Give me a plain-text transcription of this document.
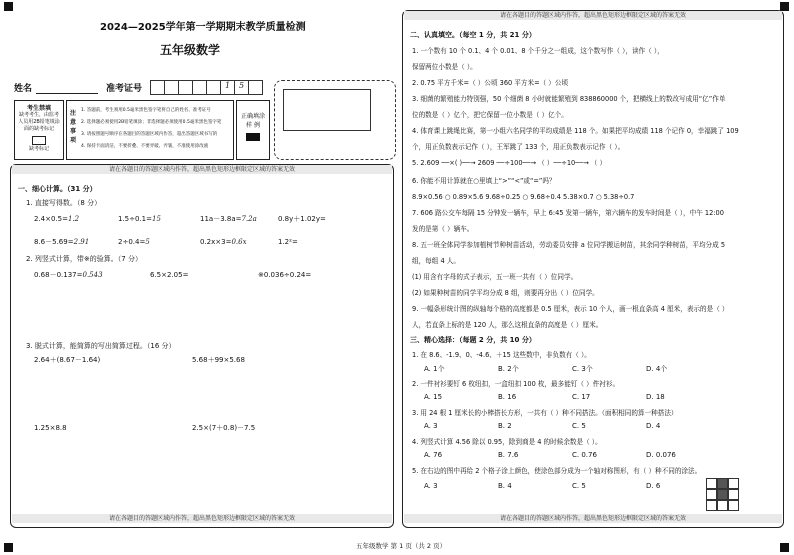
2024—2025学年第一学期期末教学质量检测
五年级数学
姓名	准考证号	1	5
考生禁填
缺考考生，由监考
人员用2B铅笔填涂
面的缺考标记
缺考标记
注意事项
1. 答题前，考生须用0.5毫米黑色签字笔将自己的姓名、准考证号
2. 选择题必须使用2B铅笔填涂；非选择题必须使用0.5毫米黑色签字笔
3. 请按照题号顺序在各题目的答题区域内作答，超出答题区域书写的
4. 保持卡面清洁，不要折叠、不要弄破、弄皱，不准使用涂改液
正确填涂
样 例
请在各题目的答题区域内作答，超出黑色矩形边框限定区域的答案无效
请在各题目的答题区域内作答，超出黑色矩形边框限定区域的答案无效
一、细心计算。（31 分）
1. 直接写得数。（8 分）
2.4×0.5=1.2	1.5÷0.1=15	11a－3.8a=7.2a	0.8y＋1.02y=
8.6－5.69=2.91	2÷0.4=5	0.2x×3=0.6x	1.2²=
2. 列竖式计算，带※的验算。（7 分）
0.68－0.137=0.543	6.5×2.05=	※0.036÷0.24=
3. 脱式计算，能简算的写出简算过程。（16 分）
2.64＋(8.67－1.64)	5.68＋99×5.68
1.25×8.8	2.5×(7＋0.8)－7.5
请在各题目的答题区域内作答，超出黑色矩形边框限定区域的答案无效
请在各题目的答题区域内作答，超出黑色矩形边框限定区域的答案无效
二、认真填空。（每空 1 分，共 21 分）
1. 一个数有 10 个 0.1、4 个 0.01、8 个千分之一组成，这个数写作（ ），读作（ ），
保留两位小数是（ ）。
2. 0.75 平方千米=（ ）公顷 360 平方米=（ ）公顷
3. 细菌的繁殖能力特别强，50 个细菌 8 小时就能繁殖到 838860000 个，把横线上的数改写成用“亿”作单
位的数是（ ）亿个，把它保留一位小数是（ ）亿个。
4. 体育课上跳绳比赛，第一小组六名同学的平均成绩是 118 个。如果把平均成绩 118 个记作 0，幸福跳了 109
个，用正负数表示记作（ ），王军跳了 133 个，用正负数表示记作（ ）。
5. 2.609 ──×( )──→ 2609 ──÷100──→ （ ）──÷10──→ （ ）
6. 你能不用计算就在○里填上“>”“<”或“=”吗？
8.9×0.56 ○ 0.89×5.6 9.68÷0.25 ○ 9.68÷0.4 5.38×0.7 ○ 5.38÷0.7
7. 606 路公交车每隔 15 分钟发一辆车，早上 6:45 发第一辆车，第六辆车的发车时间是（ ），中午 12:00
发的是第（ ）辆车。
8. 五一班全体同学参加植树节种树苗活动，劳动委员安排 a 位同学搬运树苗，其余同学种树苗，平均分成 5
组，每组 4 人。
(1) 用含有字母的式子表示，五一班一共有（ ）位同学。
(2) 如果种树苗的同学平均分成 8 组，则要再分出（ ）位同学。
9. 一幅条形统计图的纵轴每个格的高度都是 0.5 厘米，表示 10 个人，画一根直条高 4 厘米，表示的是（ ）
人，若直条上标的是 120 人，那么这根直条的高度是（ ）厘米。
三、精心选择：（每题 2 分，共 10 分）
1. 在 8.6、-1.9、0、-4.6、＋15 这些数中，非负数有（ ）。
A. 1个	B. 2个	C. 3个	D. 4个
2. 一件衬衫要钉 6 枚纽扣，一盒纽扣 100 枚，最多能钉（ ）件衬衫。
A. 15	B. 16	C. 17	D. 18
3. 用 24 根 1 厘米长的小棒搭长方形，一共有（ ）种不同搭法。（面积相同的算一种搭法）
A. 3	B. 2	C. 5	D. 4
4. 列竖式计算 4.56 除以 0.95，除到商是 4 的时候余数是（ ）。
A. 76	B. 7.6	C. 0.76	D. 0.076
5. 在右边的图中再给 2 个格子涂上颜色，使涂色部分成为一个轴对称图形，有（ ）种不同的涂法。
A. 3	B. 4	C. 5	D. 6
五年级数学 第 1 页（共 2 页）
